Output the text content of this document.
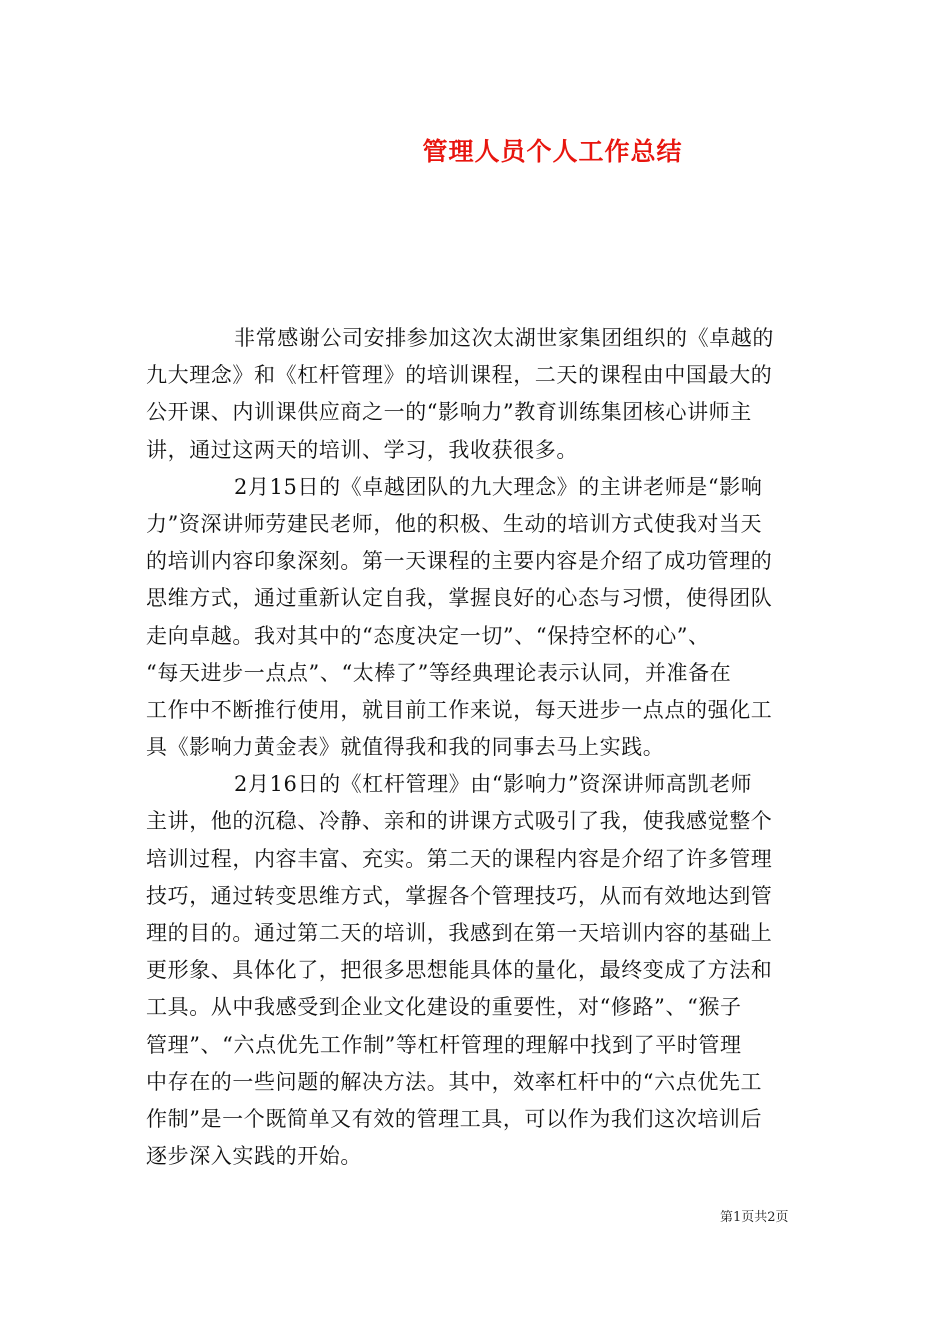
管理人员个人工作总结
非常感谢公司安排参加这次太湖世家集团组织的《卓越的
九大理念》和《杠杆管理》的培训课程，二天的课程由中国最大的
公开课、内训课供应商之一的“影响力”教育训练集团核心讲师主
讲，通过这两天的培训、学习，我收获很多。
2月15日的《卓越团队的九大理念》的主讲老师是“影响
力”资深讲师劳建民老师，他的积极、生动的培训方式使我对当天
的培训内容印象深刻。第一天课程的主要内容是介绍了成功管理的
思维方式，通过重新认定自我，掌握良好的心态与习惯，使得团队
走向卓越。我对其中的“态度决定一切”、“保持空杯的心”、
“每天进步一点点”、“太棒了”等经典理论表示认同，并准备在
工作中不断推行使用，就目前工作来说，每天进步一点点的强化工
具《影响力黄金表》就值得我和我的同事去马上实践。
2月16日的《杠杆管理》由“影响力”资深讲师高凯老师
主讲，他的沉稳、冷静、亲和的讲课方式吸引了我，使我感觉整个
培训过程，内容丰富、充实。第二天的课程内容是介绍了许多管理
技巧，通过转变思维方式，掌握各个管理技巧，从而有效地达到管
理的目的。通过第二天的培训，我感到在第一天培训内容的基础上
更形象、具体化了，把很多思想能具体的量化，最终变成了方法和
工具。从中我感受到企业文化建设的重要性，对“修路”、“猴子
管理”、“六点优先工作制”等杠杆管理的理解中找到了平时管理
中存在的一些问题的解决方法。其中，效率杠杆中的“六点优先工
作制”是一个既简单又有效的管理工具，可以作为我们这次培训后
逐步深入实践的开始。
第1页共2页
